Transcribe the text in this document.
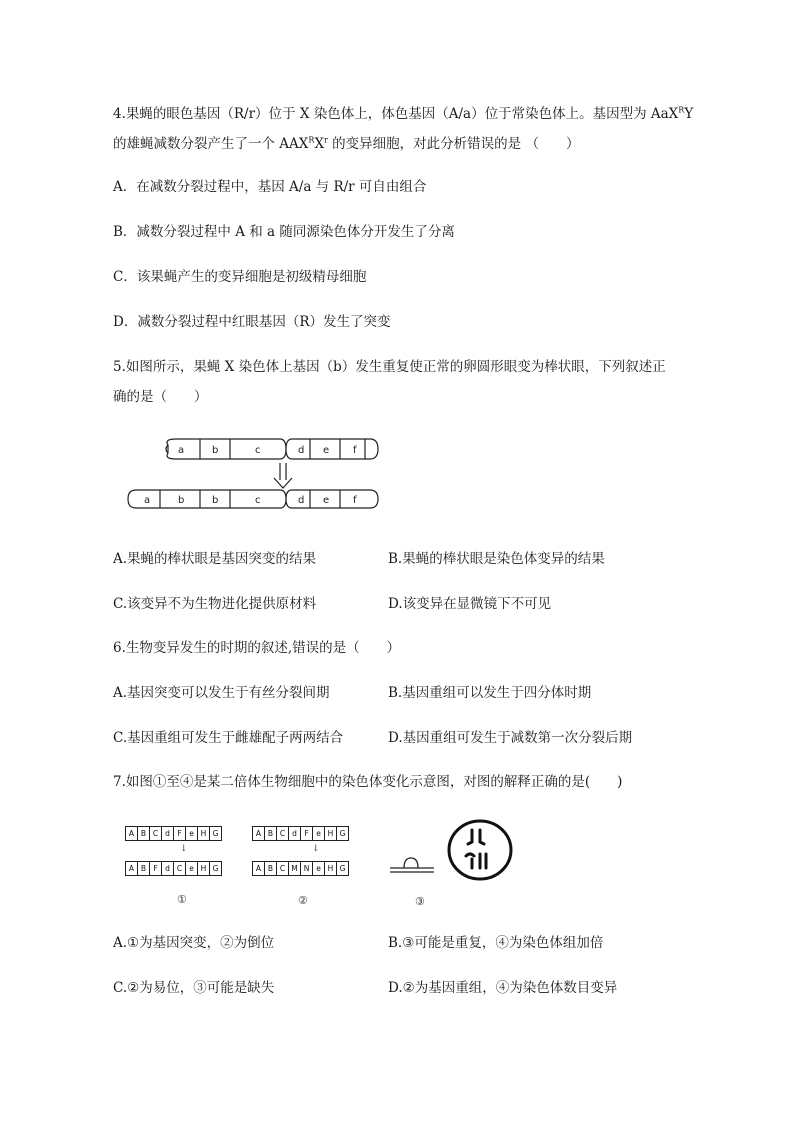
4.果蝇的眼色基因（R/r）位于 X 染色体上，体色基因（A/a）位于常染色体上。基因型为 AaX$^R$Y
的雄蝇减数分裂产生了一个 $AAX^RX^r$ 的变异细胞，对此分析错误的是 （　　）
A．在减数分裂过程中，基因 A/a 与 R/r 可自由组合
B．减数分裂过程中 A 和 a 随同源染色体分开发生了分离
C．该果蝇产生的变异细胞是初级精母细胞
D．减数分裂过程中红眼基因（R）发生了突变
5.如图所示，果蝇 X 染色体上基因（b）发生重复使正常的卵圆形眼变为棒状眼，下列叙述正
确的是（　　）
a	b	c	d e f
a	b	b	c	d e f
A.果蝇的棒状眼是基因突变的结果	B.果蝇的棒状眼是染色体变异的结果
C.该变异不为生物进化提供原材料	D.该变异在显微镜下不可见
6.生物变异发生的时期的叙述,错误的是（　　）
A.基因突变可以发生于有丝分裂间期	B.基因重组可以发生于四分体时期
C.基因重组可发生于雌雄配子两两结合	D.基因重组可发生于减数第一次分裂后期
7.如图①至④是某二倍体生物细胞中的染色体变化示意图，对图的解释正确的是(　　)
A B C d F	e H G
↓
A B F d C e H G
①
A B C d F	e H G
↓
A B C M N e H G
②	③
A.①为基因突变，②为倒位	B.③可能是重复，④为染色体组加倍
C.②为易位，③可能是缺失	D.②为基因重组，④为染色体数目变异
